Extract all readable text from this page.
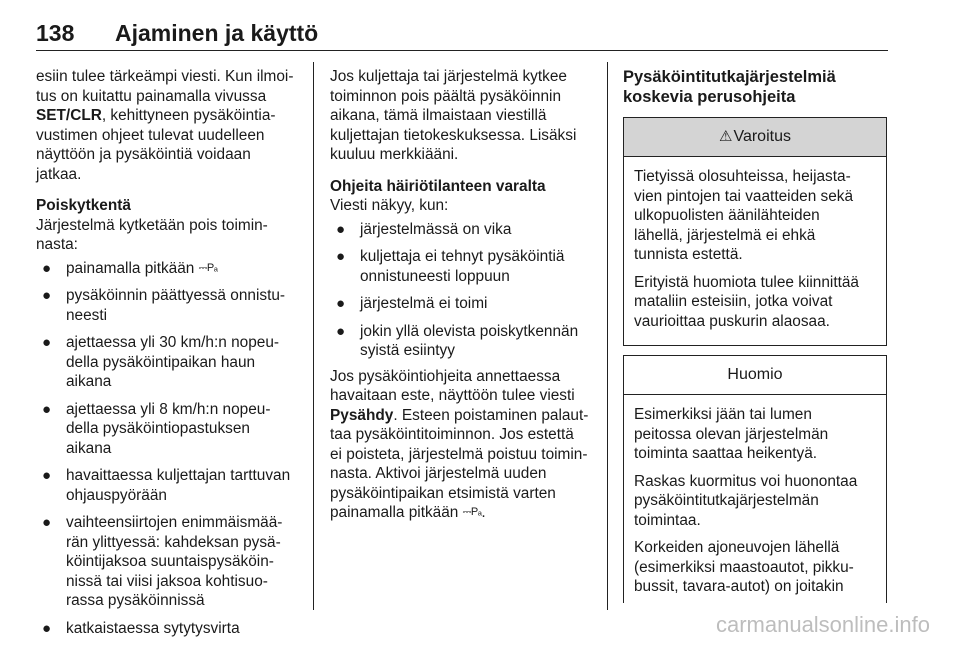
138 Ajaminen ja käyttö

esiin tulee tärkeämpi viesti. Kun ilmoi-
tus on kuitattu painamalla vivussa
SET/CLR, kehittyneen pysäköintia-
vustimen ohjeet tulevat uudelleen
näyttöön ja pysäköintiä voidaan
jatkaa.

Poiskytkentä

Järjestelmä kytketään pois toimin-
nasta:

● painamalla pitkään ⎓Pₐ
● pysäköinnin päättyessä onnistu-
neesti
● ajettaessa yli 30 km/h:n nopeu-
della pysäköintipaikan haun
aikana
● ajettaessa yli 8 km/h:n nopeu-
della pysäköintiopastuksen
aikana
● havaittaessa kuljettajan tarttuvan
ohjauspyörään
● vaihteensiirtojen enimmäismää-
rän ylittyessä: kahdeksan pysä-
köintijaksoa suuntaispysäköin-
nissä tai viisi jaksoa kohtisuo-
rassa pysäköinnissä
● katkaistaessa sytytysvirta

Jos kuljettaja tai järjestelmä kytkee
toiminnon pois päältä pysäköinnin
aikana, tämä ilmaistaan viestillä
kuljettajan tietokeskuksessa. Lisäksi
kuuluu merkkiääni.

Ohjeita häiriötilanteen varalta

Viesti näkyy, kun:

● järjestelmässä on vika
● kuljettaja ei tehnyt pysäköintiä
onnistuneesti loppuun
● järjestelmä ei toimi
● jokin yllä olevista poiskytkennän
syistä esiintyy

Jos pysäköintiohjeita annettaessa
havaitaan este, näyttöön tulee viesti
Pysähdy. Esteen poistaminen palaut-
taa pysäköintitoiminnon. Jos estettä
ei poisteta, järjestelmä poistuu toimin-
nasta. Aktivoi järjestelmä uuden
pysäköintipaikan etsimistä varten
painamalla pitkään ⎓Pₐ.

Pysäköintitutkajärjestelmiä
koskevia perusohjeita

⚠Varoitus

Tietyissä olosuhteissa, heijasta-
vien pintojen tai vaatteiden sekä
ulkopuolisten äänilähteiden
lähellä, järjestelmä ei ehkä
tunnista estettä.

Erityistä huomiota tulee kiinnittää
mataliin esteisiin, jotka voivat
vaurioittaa puskurin alaosaa.

Huomio

Esimerkiksi jään tai lumen
peitossa olevan järjestelmän
toiminta saattaa heikentyä.

Raskas kuormitus voi huonontaa
pysäköintitutkajärjestelmän
toimintaa.

Korkeiden ajoneuvojen lähellä
(esimerkiksi maastoautot, pikku-
bussit, tavara-autot) on joitakin

carmanualsonline.info
